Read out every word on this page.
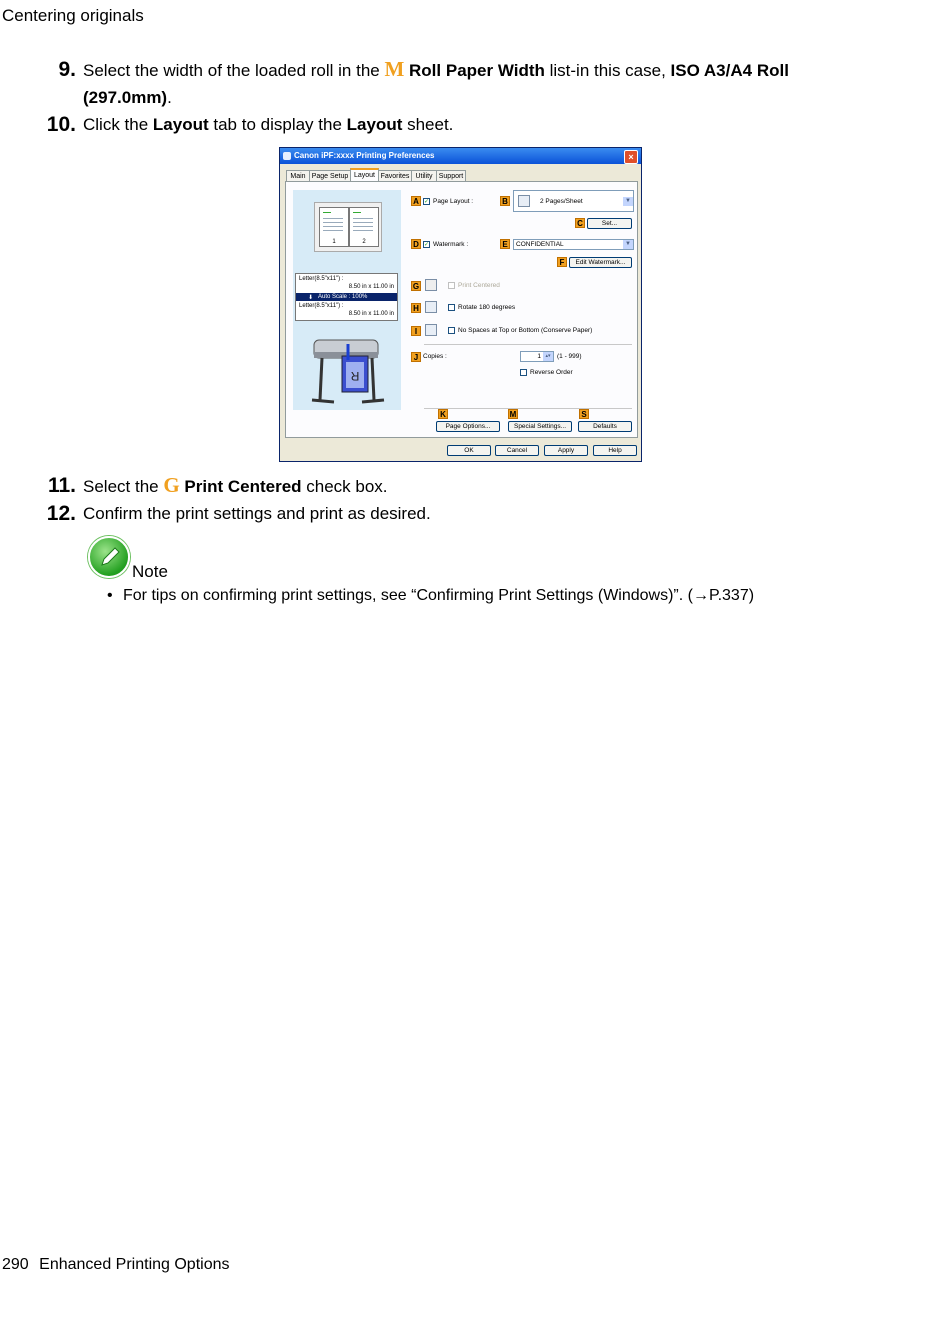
Centering originals
9. Select the width of the loaded roll in the M Roll Paper Width list-in this case, ISO A3/A4 Roll
(297.0mm).
10. Click the Layout tab to display the Layout sheet.
Canon iPF:xxxx Printing Preferences	×
Main Page Setup Layout Favorites Utility Support
1	2
Letter(8.5"x11") :
8.50 in x 11.00 in
⬇ Auto Scale : 100%
Letter(8.5"x11") :
8.50 in x 11.00 in
R
A ✓ Page Layout :	B	2 Pages/Sheet	▼
C	Set...
D ✓ Watermark :	E	CONFIDENTIAL	▼
F	Edit Watermark...
G	Print Centered
H	Rotate 180 degrees
I	No Spaces at Top or Bottom (Conserve Paper)
J Copies :	1 ▴▾ (1 - 999)
Reverse Order
K	M	S
Page Options...	Special Settings...	Defaults
OK	Cancel	Apply	Help
11. Select the G Print Centered check box.
12. Confirm the print settings and print as desired.
Note
• For tips on confirming print settings, see “Confirming Print Settings (Windows)”. (→P.337)
290 Enhanced Printing Options
